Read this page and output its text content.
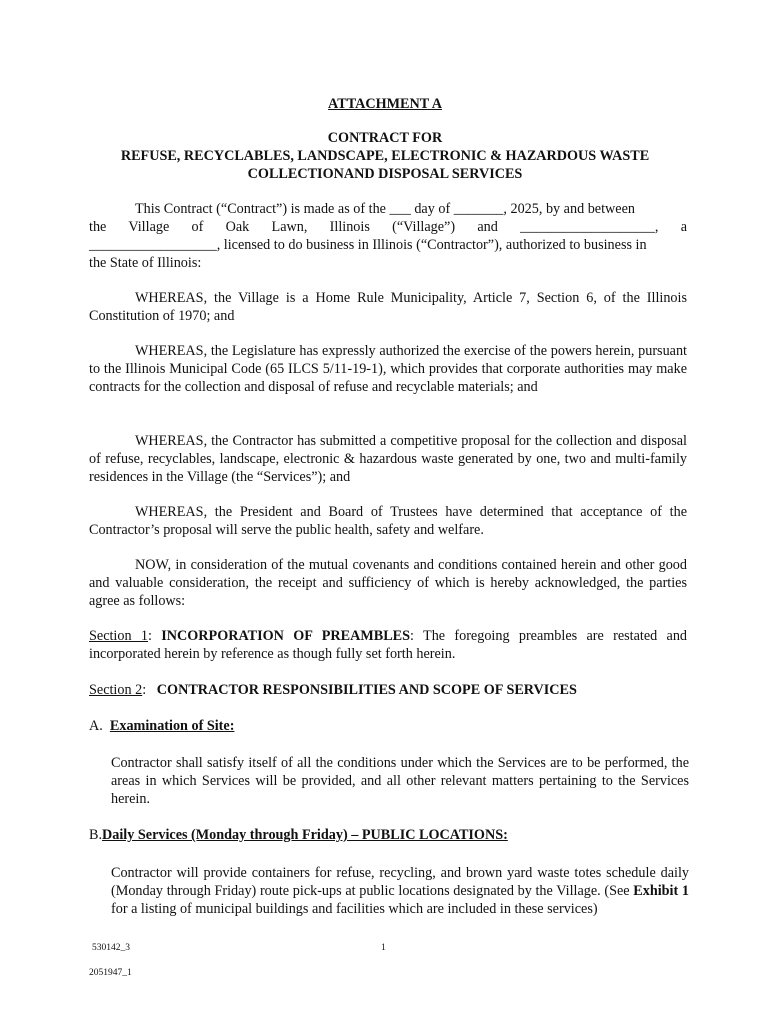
ATTACHMENT A
CONTRACT FOR
REFUSE, RECYCLABLES, LANDSCAPE, ELECTRONIC & HAZARDOUS WASTE
COLLECTIONAND DISPOSAL SERVICES
This Contract (“Contract”) is made as of the ___ day of _______, 2025, by and between
the Village of Oak Lawn, Illinois (“Village”) and ___________________, a
__________________, licensed to do business in Illinois (“Contractor”), authorized to business in
the State of Illinois:
WHEREAS, the Village is a Home Rule Municipality, Article 7, Section 6, of the Illinois Constitution of 1970; and
WHEREAS, the Legislature has expressly authorized the exercise of the powers herein, pursuant to the Illinois Municipal Code (65 ILCS 5/11-19-1), which provides that corporate authorities may make contracts for the collection and disposal of refuse and recyclable materials; and
WHEREAS, the Contractor has submitted a competitive proposal for the collection and disposal of refuse, recyclables, landscape, electronic & hazardous waste generated by one, two and multi-family residences in the Village (the “Services”); and
WHEREAS, the President and Board of Trustees have determined that acceptance of the Contractor’s proposal will serve the public health, safety and welfare.
NOW, in consideration of the mutual covenants and conditions contained herein and other good and valuable consideration, the receipt and sufficiency of which is hereby acknowledged, the parties agree as follows:
Section 1: INCORPORATION OF PREAMBLES: The foregoing preambles are restated and incorporated herein by reference as though fully set forth herein.
Section 2:   CONTRACTOR RESPONSIBILITIES AND SCOPE OF SERVICES
A. Examination of Site:
Contractor shall satisfy itself of all the conditions under which the Services are to be performed, the areas in which Services will be provided, and all other relevant matters pertaining to the Services herein.
B.Daily Services (Monday through Friday) – PUBLIC LOCATIONS:
Contractor will provide containers for refuse, recycling, and brown yard waste totes schedule daily (Monday through Friday) route pick-ups at public locations designated by the Village. (See Exhibit 1 for a listing of municipal buildings and facilities which are included in these services)
530142_3	1
2051947_1
